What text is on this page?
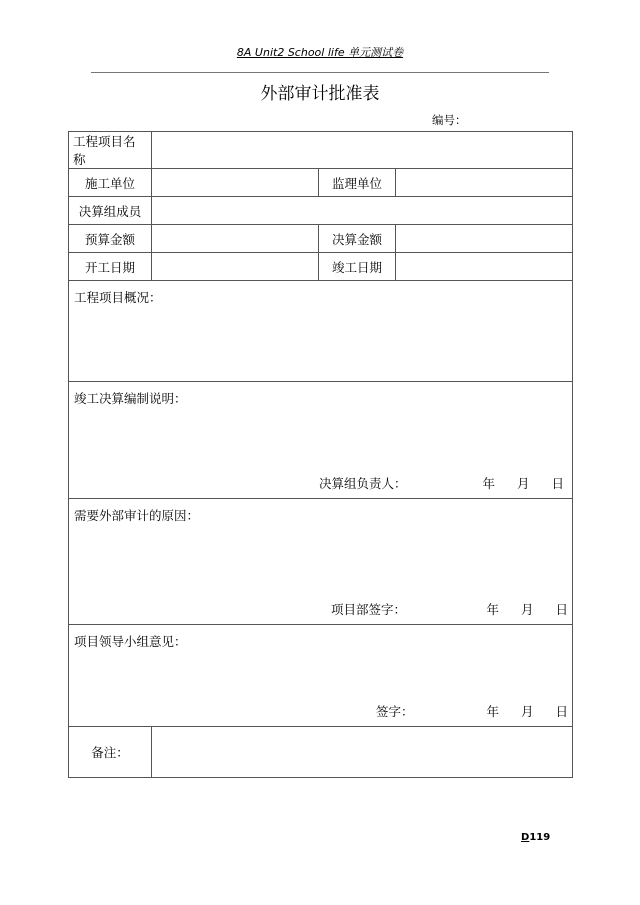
8A Unit2 School life 单元测试卷
外部审计批准表
编号：
工程项目名称			
施工单位		监理单位	
决算组成员			
预算金额		决算金额	
开工日期		竣工日期	

工程项目概况：			

竣工决算编制说明：
决算组负责人： 年 月 日			

需要外部审计的原因：
项目部签字： 年 月 日			

项目领导小组意见：
签字： 年 月 日			

备注：			
D119
